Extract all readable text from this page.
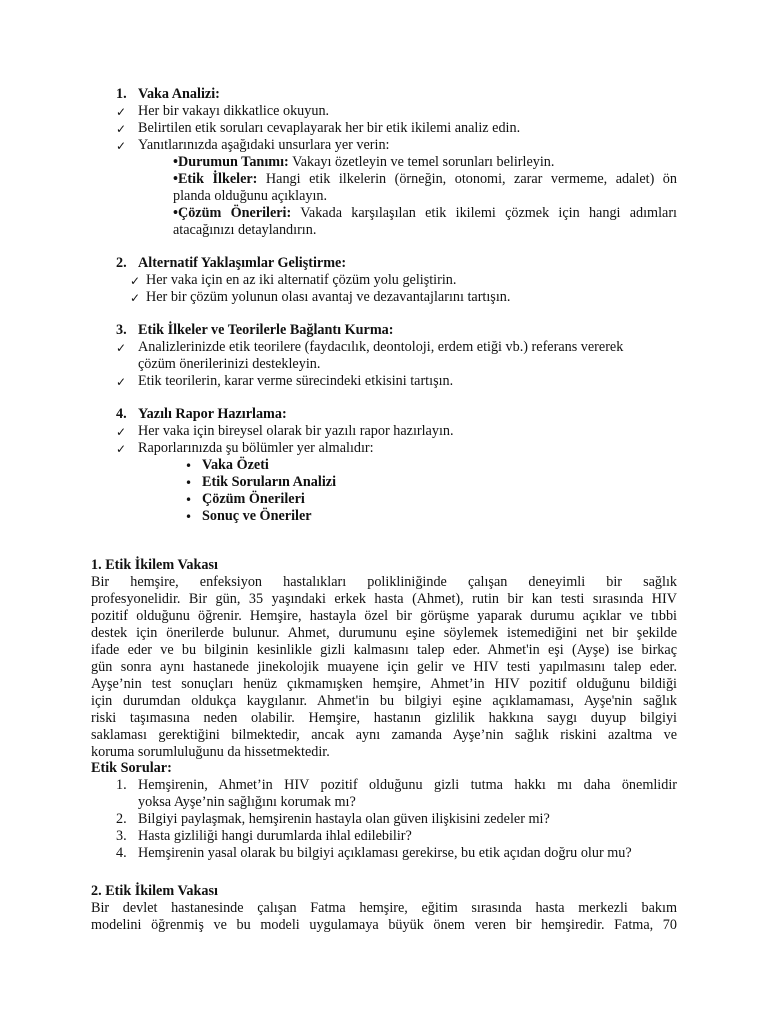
1. Vaka Analizi:
✓ Her bir vakayı dikkatlice okuyun.
✓ Belirtilen etik soruları cevaplayarak her bir etik ikilemi analiz edin.
✓ Yanıtlarınızda aşağıdaki unsurlara yer verin:
•Durumun Tanımı: Vakayı özetleyin ve temel sorunları belirleyin.
•Etik İlkeler: Hangi etik ilkelerin (örneğin, otonomi, zarar vermeme, adalet) ön
planda olduğunu açıklayın.
•Çözüm Önerileri: Vakada karşılaşılan etik ikilemi çözmek için hangi adımları
atacağınızı detaylandırın.
2. Alternatif Yaklaşımlar Geliştirme:
✓ Her vaka için en az iki alternatif çözüm yolu geliştirin.
✓ Her bir çözüm yolunun olası avantaj ve dezavantajlarını tartışın.
3. Etik İlkeler ve Teorilerle Bağlantı Kurma:
✓ Analizlerinizde etik teorilere (faydacılık, deontoloji, erdem etiği vb.) referans vererek
çözüm önerilerinizi destekleyin.
✓ Etik teorilerin, karar verme sürecindeki etkisini tartışın.
4. Yazılı Rapor Hazırlama:
✓ Her vaka için bireysel olarak bir yazılı rapor hazırlayın.
✓ Raporlarınızda şu bölümler yer almalıdır:
• Vaka Özeti
• Etik Soruların Analizi
• Çözüm Önerileri
• Sonuç ve Öneriler
1. Etik İkilem Vakası
Bir hemşire, enfeksiyon hastalıkları polikliniğinde çalışan deneyimli bir sağlık
profesyonelidir. Bir gün, 35 yaşındaki erkek hasta (Ahmet), rutin bir kan testi sırasında HIV
pozitif olduğunu öğrenir. Hemşire, hastayla özel bir görüşme yaparak durumu açıklar ve tıbbi
destek için önerilerde bulunur. Ahmet, durumunu eşine söylemek istemediğini net bir şekilde
ifade eder ve bu bilginin kesinlikle gizli kalmasını talep eder. Ahmet'in eşi (Ayşe) ise birkaç
gün sonra aynı hastanede jinekolojik muayene için gelir ve HIV testi yapılmasını talep eder.
Ayşe’nin test sonuçları henüz çıkmamışken hemşire, Ahmet’in HIV pozitif olduğunu bildiği
için durumdan oldukça kaygılanır. Ahmet'in bu bilgiyi eşine açıklamaması, Ayşe'nin sağlık
riski taşımasına neden olabilir. Hemşire, hastanın gizlilik hakkına saygı duyup bilgiyi
saklaması gerektiğini bilmektedir, ancak aynı zamanda Ayşe’nin sağlık riskini azaltma ve
koruma sorumluluğunu da hissetmektedir.
Etik Sorular:
1. Hemşirenin, Ahmet’in HIV pozitif olduğunu gizli tutma hakkı mı daha önemlidir
yoksa Ayşe’nin sağlığını korumak mı?
2. Bilgiyi paylaşmak, hemşirenin hastayla olan güven ilişkisini zedeler mi?
3. Hasta gizliliği hangi durumlarda ihlal edilebilir?
4. Hemşirenin yasal olarak bu bilgiyi açıklaması gerekirse, bu etik açıdan doğru olur mu?
2. Etik İkilem Vakası
Bir devlet hastanesinde çalışan Fatma hemşire, eğitim sırasında hasta merkezli bakım
modelini öğrenmiş ve bu modeli uygulamaya büyük önem veren bir hemşiredir. Fatma, 70
